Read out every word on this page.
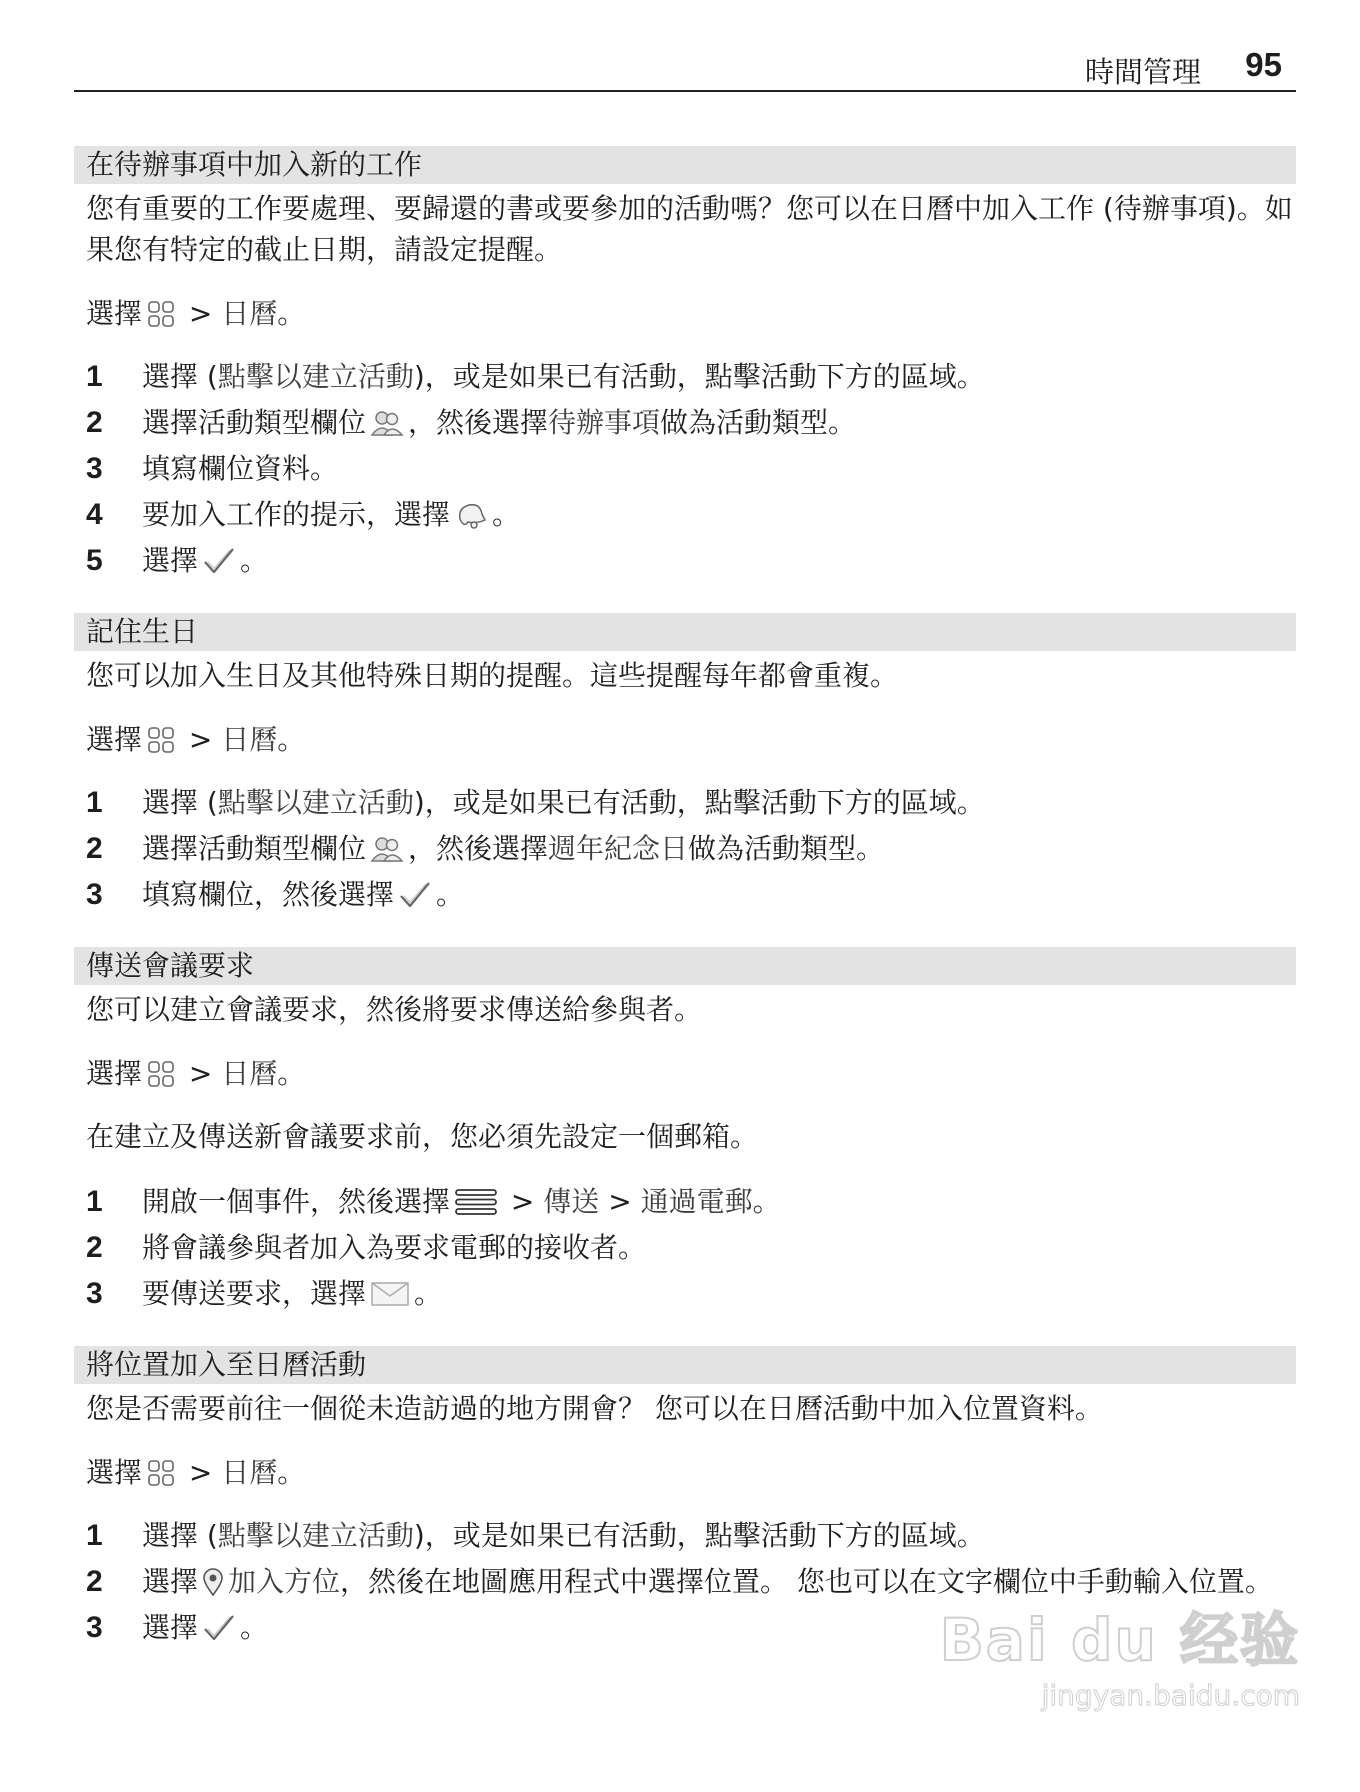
時間管理 95
在待辦事項中加入新的工作

您有重要的工作要處理、要歸還的書或要參加的活動嗎？您可以在日曆中加入工作 (待辦事項)。如果您有特定的截止日期，請設定提醒。

選擇 > 日曆。
1	選擇 (點擊以建立活動)，或是如果已有活動，點擊活動下方的區域。
2	選擇活動類型欄位 ，然後選擇待辦事項做為活動類型。
3	填寫欄位資料。
4	要加入工作的提示，選擇 。
5	選擇 。
記住生日

您可以加入生日及其他特殊日期的提醒。這些提醒每年都會重複。

選擇 > 日曆。
1	選擇 (點擊以建立活動)，或是如果已有活動，點擊活動下方的區域。
2	選擇活動類型欄位 ，然後選擇週年紀念日做為活動類型。
3	填寫欄位，然後選擇 。
傳送會議要求

您可以建立會議要求，然後將要求傳送給參與者。

選擇 > 日曆。

在建立及傳送新會議要求前，您必須先設定一個郵箱。

1	開啟一個事件，然後選擇 > 傳送 > 通過電郵。
2	將會議參與者加入為要求電郵的接收者。
3	要傳送要求，選擇 。
將位置加入至日曆活動

您是否需要前往一個從未造訪過的地方開會？ 您可以在日曆活動中加入位置資料。

選擇 > 日曆。
1	選擇 (點擊以建立活動)，或是如果已有活動，點擊活動下方的區域。
2	選擇 加入方位，然後在地圖應用程式中選擇位置。 您也可以在文字欄位中手動輸入位置。
3	選擇 。	Bai du 经验
jingyan.baidu.com
